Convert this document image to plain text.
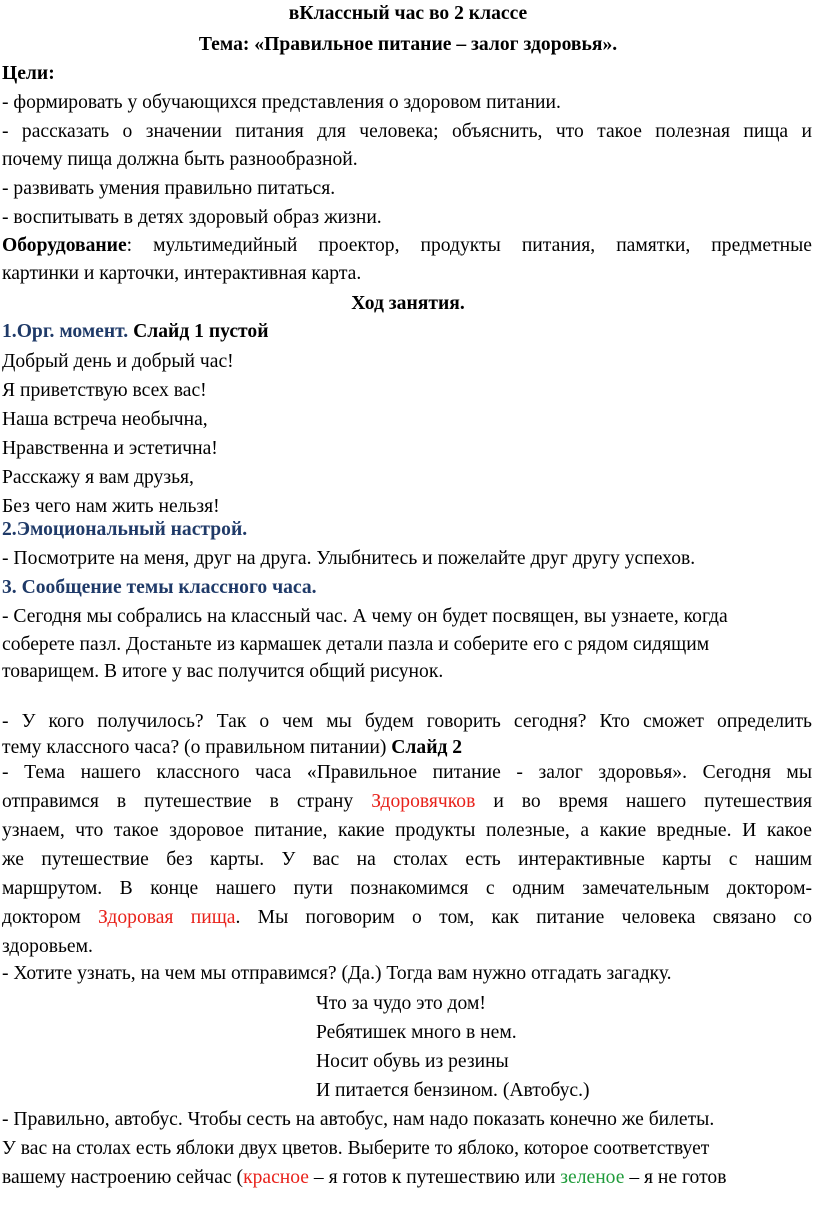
вКлассный час во 2 классе
Тема: «Правильное питание – залог здоровья».
Цели:
- формировать у обучающихся представления о здоровом питании.
- рассказать о значении питания для человека; объяснить, что такое полезная пища и
почему пища должна быть разнообразной.
- развивать умения правильно питаться.
- воспитывать в детях здоровый образ жизни.
Оборудование: мультимедийный проектор, продукты питания, памятки, предметные
картинки и карточки, интерактивная карта.
Ход занятия.
1.Орг. момент. Слайд 1 пустой
Добрый день и добрый час!
Я приветствую всех вас!
Наша встреча необычна,
Нравственна и эстетична!
Расскажу я вам друзья,
Без чего нам жить нельзя!
2.Эмоциональный настрой.
- Посмотрите на меня, друг на друга. Улыбнитесь и пожелайте друг другу успехов.
3. Сообщение темы классного часа.
- Сегодня мы собрались на классный час. А чему он будет посвящен, вы узнаете, когда
соберете пазл. Достаньте из кармашек детали пазла и соберите его с рядом сидящим
товарищем. В итоге у вас получится общий рисунок.
- У кого получилось? Так о чем мы будем говорить сегодня? Кто сможет определить
тему классного часа? (о правильном питании) Слайд 2
- Тема нашего классного часа «Правильное питание - залог здоровья». Сегодня мы
отправимся в путешествие в страну Здоровячков и во время нашего путешествия
узнаем, что такое здоровое питание, какие продукты полезные, а какие вредные. И какое
же путешествие без карты. У вас на столах есть интерактивные карты с нашим
маршрутом. В конце нашего пути познакомимся с одним замечательным доктором-
доктором Здоровая пища. Мы поговорим о том, как питание человека связано со
здоровьем.
- Хотите узнать, на чем мы отправимся? (Да.) Тогда вам нужно отгадать загадку.
Что за чудо это дом!
Ребятишек много в нем.
Носит обувь из резины
И питается бензином. (Автобус.)
- Правильно, автобус. Чтобы сесть на автобус, нам надо показать конечно же билеты.
У вас на столах есть яблоки двух цветов. Выберите то яблоко, которое соответствует
вашему настроению сейчас (красное – я готов к путешествию или зеленое – я не готов
